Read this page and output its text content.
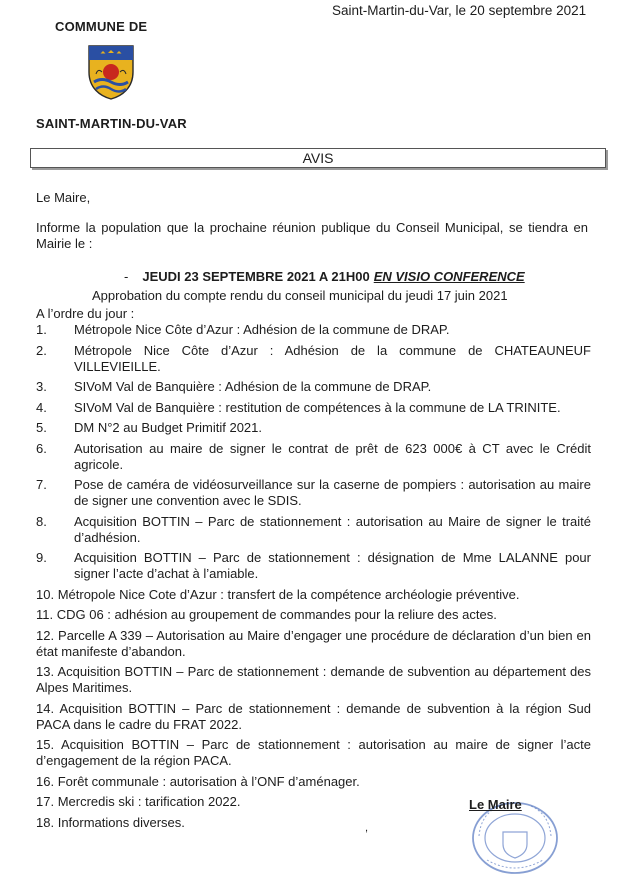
Saint-Martin-du-Var, le 20 septembre 2021
COMMUNE DE
SAINT-MARTIN-DU-VAR
AVIS
Le Maire,
Informe la population que la prochaine réunion publique du Conseil Municipal, se tiendra en Mairie le :
- JEUDI 23 SEPTEMBRE 2021 A 21H00 EN VISIO CONFERENCE
Approbation du compte rendu du conseil municipal du jeudi 17 juin 2021
A l’ordre du jour :
1.	Métropole Nice Côte d’Azur : Adhésion de la commune de DRAP.
2.	Métropole Nice Côte d’Azur : Adhésion de la commune de CHATEAUNEUF VILLEVIEILLE.
3.	SIVoM Val de Banquière : Adhésion de la commune de DRAP.
4.	SIVoM Val de Banquière : restitution de compétences à la commune de LA TRINITE.
5.	DM N°2 au Budget Primitif 2021.
6.	Autorisation au maire de signer le contrat de prêt de 623 000€ à CT avec le Crédit agricole.
7.	Pose de caméra de vidéosurveillance sur la caserne de pompiers : autorisation au maire de signer une convention avec le SDIS.
8.	Acquisition BOTTIN – Parc de stationnement : autorisation au Maire de signer le traité d’adhésion.
9.	Acquisition BOTTIN – Parc de stationnement : désignation de Mme LALANNE pour signer l’acte d’achat à l’amiable.
10. Métropole Nice Cote d’Azur : transfert de la compétence archéologie préventive.
11. CDG 06 : adhésion au groupement de commandes pour la reliure des actes.
12. Parcelle A 339 – Autorisation au Maire d’engager une procédure de déclaration d’un bien en état manifeste d’abandon.
13. Acquisition BOTTIN – Parc de stationnement : demande de subvention au département des Alpes Maritimes.
14. Acquisition BOTTIN – Parc de stationnement : demande de subvention à la région Sud PACA dans le cadre du FRAT 2022.
15. Acquisition BOTTIN – Parc de stationnement : autorisation au maire de signer l’acte d’engagement de la région PACA.
16. Forêt communale : autorisation à l’ONF d’aménager.
17. Mercredis ski : tarification 2022.
18. Informations diverses.
Le Maire
,
